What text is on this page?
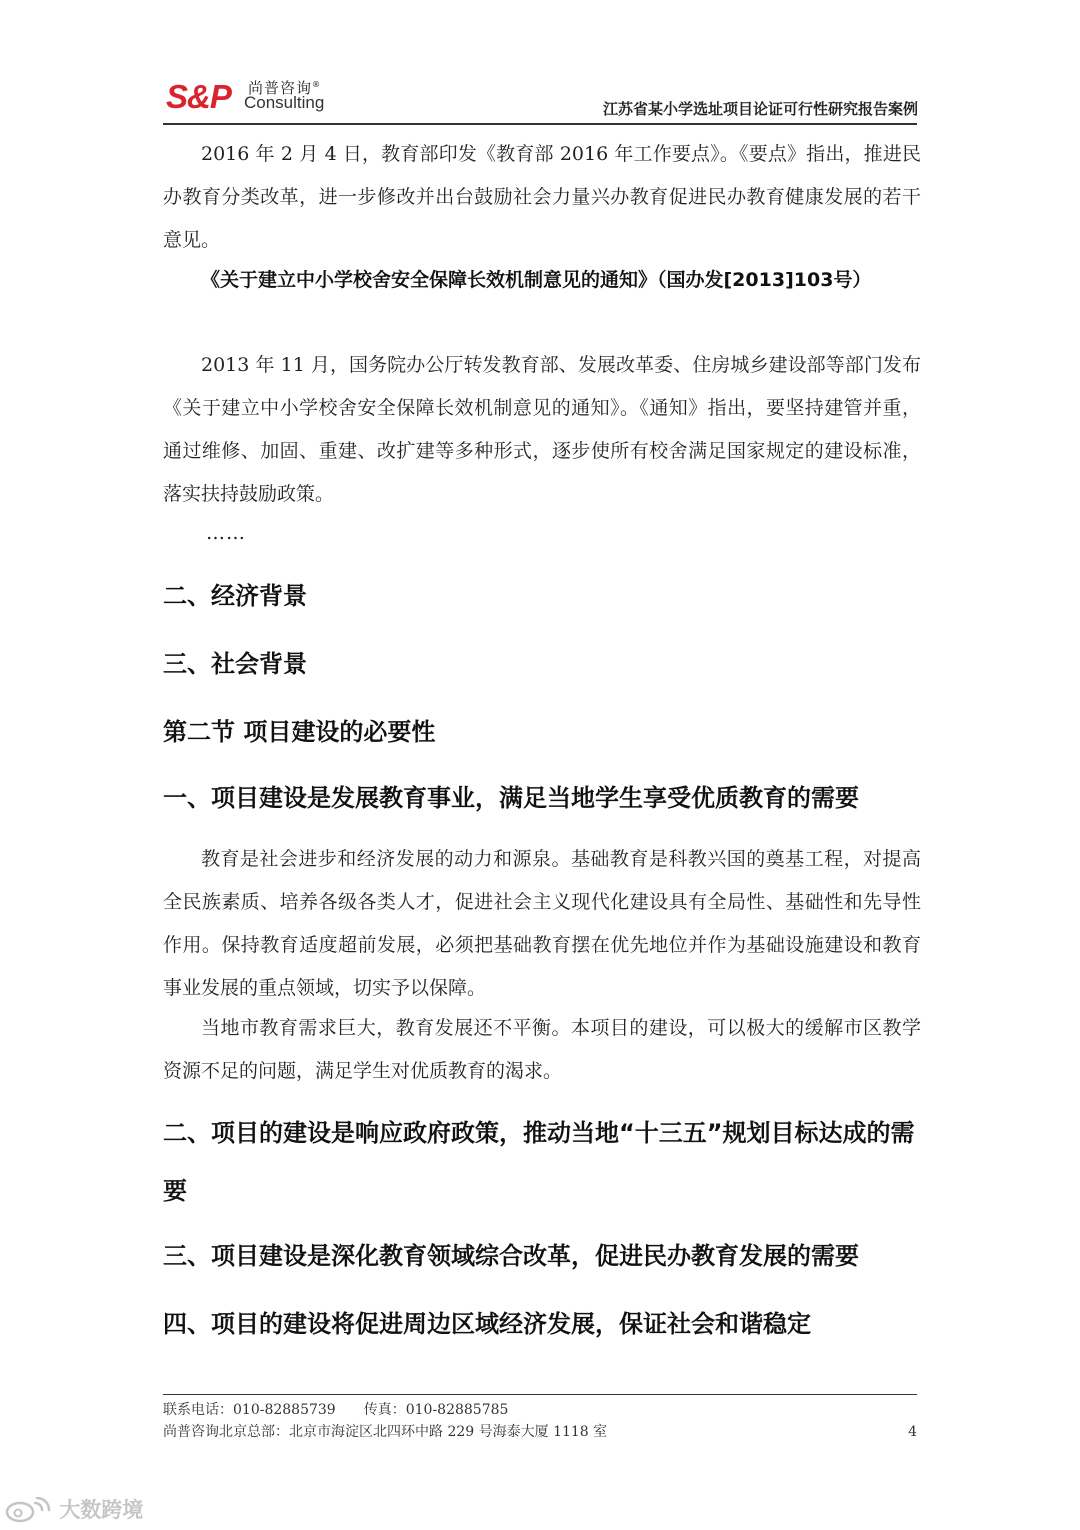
S&P 尚普咨询®
Consulting	江苏省某小学选址项目论证可行性研究报告案例

2016 年 2 月 4 日，教育部印发《教育部 2016 年工作要点》。《要点》指出，推进民办教育分类改革，进一步修改并出台鼓励社会力量兴办教育促进民办教育健康发展的若干意见。

《关于建立中小学校舍安全保障长效机制意见的通知》（国办发[2013]103号）

2013 年 11 月，国务院办公厅转发教育部、发展改革委、住房城乡建设部等部门发布《关于建立中小学校舍安全保障长效机制意见的通知》。《通知》指出，要坚持建管并重，通过维修、加固、重建、改扩建等多种形式，逐步使所有校舍满足国家规定的建设标准，落实扶持鼓励政策。

……

二、经济背景
三、社会背景
第二节 项目建设的必要性
一、项目建设是发展教育事业，满足当地学生享受优质教育的需要

教育是社会进步和经济发展的动力和源泉。基础教育是科教兴国的奠基工程，对提高全民族素质、培养各级各类人才，促进社会主义现代化建设具有全局性、基础性和先导性作用。保持教育适度超前发展，必须把基础教育摆在优先地位并作为基础设施建设和教育事业发展的重点领域，切实予以保障。

当地市教育需求巨大，教育发展还不平衡。本项目的建设，可以极大的缓解市区教学资源不足的问题，满足学生对优质教育的渴求。

二、项目的建设是响应政府政策，推动当地“十三五”规划目标达成的需要
三、项目建设是深化教育领域综合改革，促进民办教育发展的需要
四、项目的建设将促进周边区域经济发展，保证社会和谐稳定
联系电话：010-82885739 传真：010-82885785
尚普咨询北京总部：北京市海淀区北四环中路 229 号海泰大厦 1118 室	4
大数跨境
